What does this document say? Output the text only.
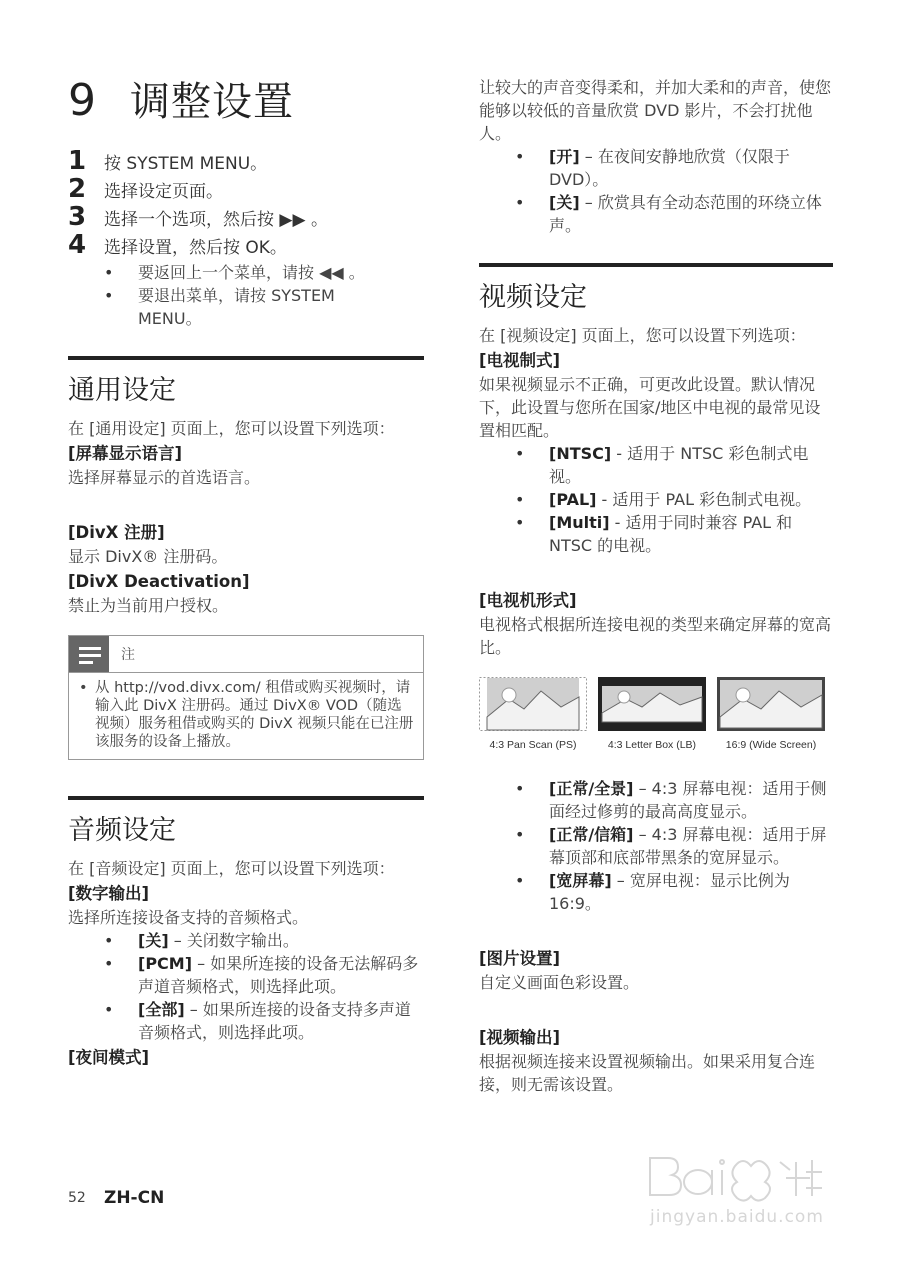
9 调整设置
1	按 SYSTEM MENU。
2	选择设定页面。
3	选择一个选项，然后按 ▶▶ 。
4	选择设置，然后按 OK。
• 要返回上一个菜单，请按 ◀◀ 。
• 要退出菜单，请按 SYSTEM MENU。
通用设定
在 [通用设定] 页面上，您可以设置下列选项：
[屏幕显示语言]
选择屏幕显示的首选语言。
[DivX 注册]
显示 DivX® 注册码。
[DivX Deactivation]
禁止为当前用户授权。
注
• 从 http://vod.divx.com/ 租借或购买视频时，请输入此 DivX 注册码。通过 DivX® VOD（随选视频）服务租借或购买的 DivX 视频只能在已注册该服务的设备上播放。
音频设定
在 [音频设定] 页面上，您可以设置下列选项：
[数字输出]
选择所连接设备支持的音频格式。
• [关] – 关闭数字输出。
• [PCM] – 如果所连接的设备无法解码多声道音频格式，则选择此项。
• [全部] – 如果所连接的设备支持多声道音频格式，则选择此项。
[夜间模式]
让较大的声音变得柔和，并加大柔和的声音，使您能够以较低的音量欣赏 DVD 影片，不会打扰他人。
• [开] – 在夜间安静地欣赏（仅限于 DVD）。
• [关] – 欣赏具有全动态范围的环绕立体声。
视频设定
在 [视频设定] 页面上，您可以设置下列选项：
[电视制式]
如果视频显示不正确，可更改此设置。默认情况下，此设置与您所在国家/地区中电视的最常见设置相匹配。
• [NTSC] - 适用于 NTSC 彩色制式电视。
• [PAL] - 适用于 PAL 彩色制式电视。
• [Multi] - 适用于同时兼容 PAL 和 NTSC 的电视。
[电视机形式]
电视格式根据所连接电视的类型来确定屏幕的宽高比。
4:3 Pan Scan (PS)	4:3 Letter Box (LB)	16:9 (Wide Screen)
• [正常/全景] – 4:3 屏幕电视：适用于侧面经过修剪的最高高度显示。
• [正常/信箱] – 4:3 屏幕电视：适用于屏幕顶部和底部带黑条的宽屏显示。
• [宽屏幕] – 宽屏电视：显示比例为 16:9。
[图片设置]
自定义画面色彩设置。
[视频输出]
根据视频连接来设置视频输出。如果采用复合连接，则无需该设置。
52 ZH-CN
jingyan.baidu.com
